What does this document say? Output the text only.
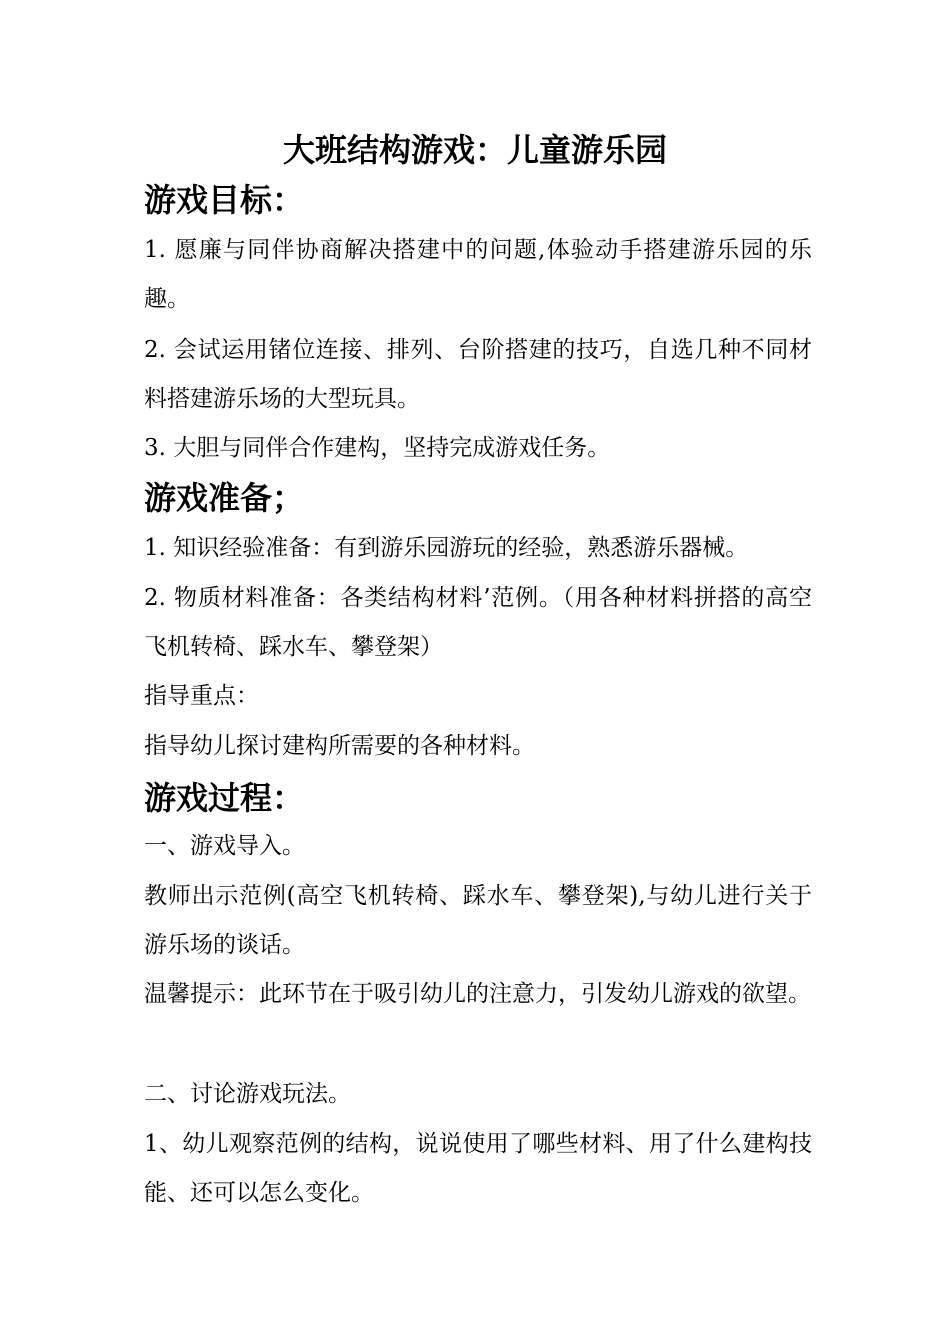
大班结构游戏：儿童游乐园
游戏目标：

1. 愿廉与同伴协商解决搭建中的问题,体验动手搭建游乐园的乐趣。

2. 会试运用锗位连接、排列、台阶搭建的技巧，自选几种不同材料搭建游乐场的大型玩具。

3. 大胆与同伴合作建构，坚持完成游戏任务。

游戏准备；

1. 知识经验准备：有到游乐园游玩的经验，熟悉游乐器械。

2. 物质材料准备：各类结构材料’范例。（用各种材料拼搭的高空飞机转椅、踩水车、攀登架）

指导重点：

指导幼儿探讨建构所需要的各种材料。

游戏过程：

一、游戏导入。

教师出示范例(高空飞机转椅、踩水车、攀登架),与幼儿进行关于游乐场的谈话。

温馨提示：此环节在于吸引幼儿的注意力，引发幼儿游戏的欲望。

二、讨论游戏玩法。

1、幼儿观察范例的结构，说说使用了哪些材料、用了什么建构技能、还可以怎么变化。
